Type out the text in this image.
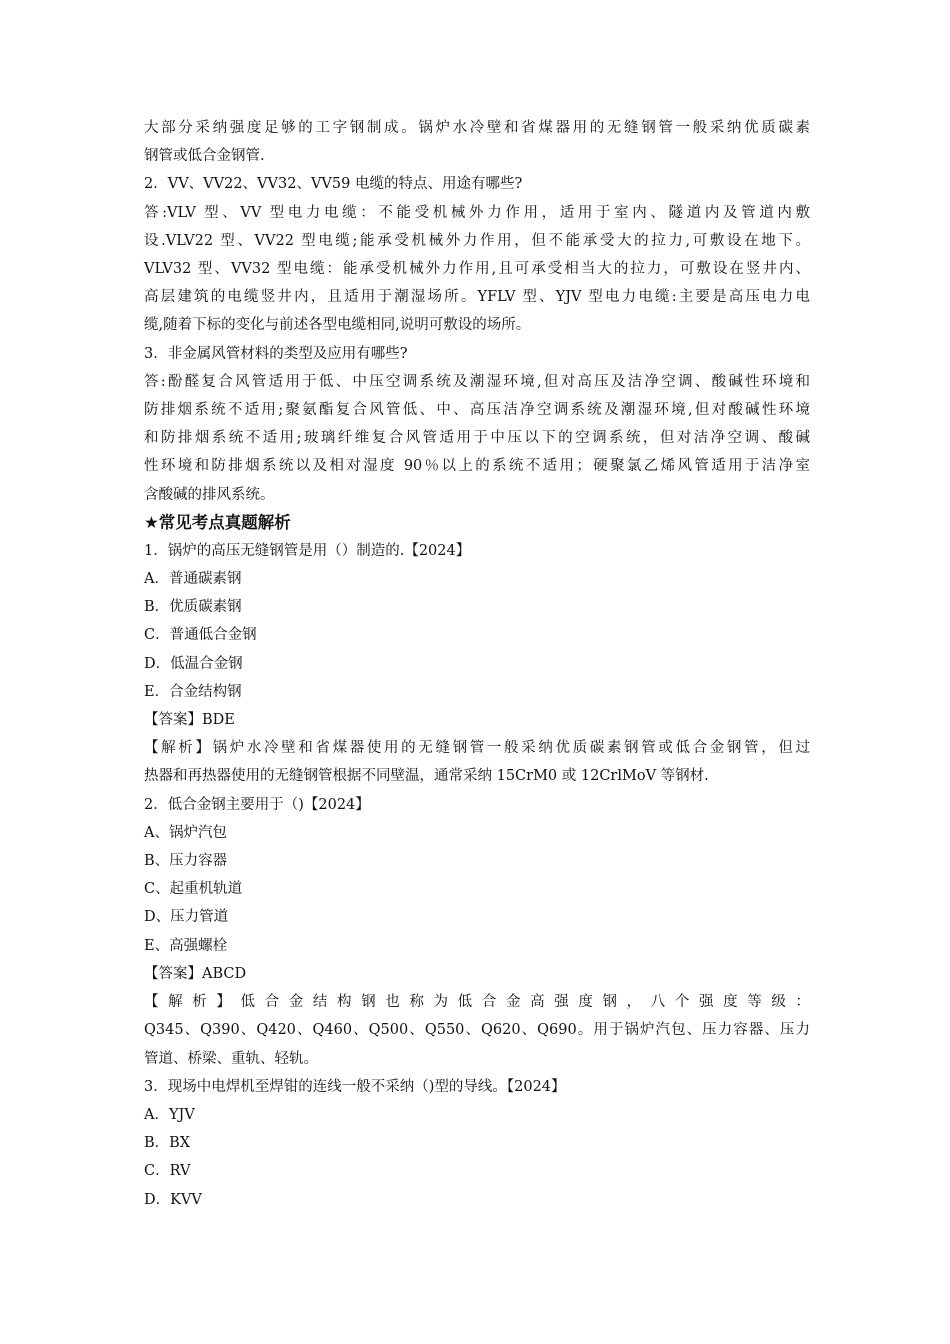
大部分采纳强度足够的工字钢制成。锅炉水冷壁和省煤器用的无缝钢管一般采纳优质碳素

钢管或低合金钢管.

2．VV、VV22、VV32、VV59 电缆的特点、用途有哪些?

答:VLV 型、VV 型电力电缆：不能受机械外力作用，适用于室内、隧道内及管道内敷

设.VLV22 型、VV22 型电缆;能承受机械外力作用，但不能承受大的拉力,可敷设在地下。

VLV32 型、VV32 型电缆：能承受机械外力作用,且可承受相当大的拉力，可敷设在竖井内、

高层建筑的电缆竖井内，且适用于潮湿场所。YFLV 型、YJV 型电力电缆:主要是高压电力电

缆,随着下标的变化与前述各型电缆相同,说明可敷设的场所。

3．非金属风管材料的类型及应用有哪些?

答:酚醛复合风管适用于低、中压空调系统及潮湿环境,但对高压及洁净空调、酸碱性环境和

防排烟系统不适用;聚氨酯复合风管低、中、高压洁净空调系统及潮湿环境,但对酸碱性环境

和防排烟系统不适用;玻璃纤维复合风管适用于中压以下的空调系统，但对洁净空调、酸碱

性环境和防排烟系统以及相对湿度 90％以上的系统不适用；硬聚氯乙烯风管适用于洁净室

含酸碱的排风系统。

★常见考点真题解析

1．锅炉的高压无缝钢管是用（）制造的.【2024】

A．普通碳素钢

B．优质碳素钢

C．普通低合金钢

D．低温合金钢

E．合金结构钢

【答案】BDE

【解析】锅炉水冷壁和省煤器使用的无缝钢管一般采纳优质碳素钢管或低合金钢管，但过

热器和再热器使用的无缝钢管根据不同壁温，通常采纳 15CrM0 或 12CrlMoV 等钢材.

2．低合金钢主要用于（)【2024】

A、锅炉汽包

B、压力容器

C、起重机轨道

D、压力管道

E、高强螺栓

【答案】ABCD

【解析】低合金结构钢也称为低合金高强度钢，八个强度等级：

Q345、Q390、Q420、Q460、Q500、Q550、Q620、Q690。用于锅炉汽包、压力容器、压力

管道、桥梁、重轨、轻轨。

3．现场中电焊机至焊钳的连线一般不采纳（)型的导线。【2024】

A．YJV

B．BX

C．RV

D．KVV
